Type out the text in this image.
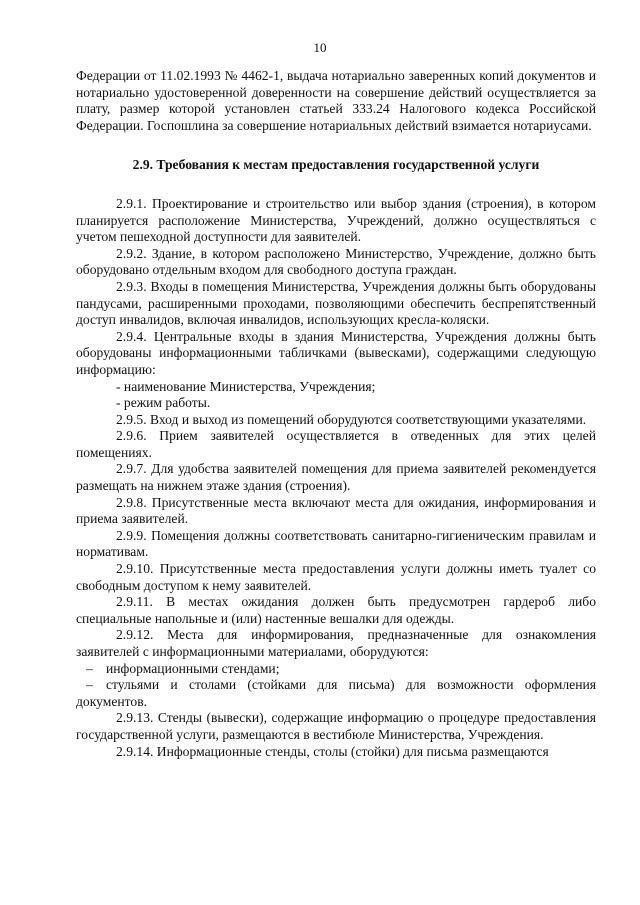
10

Федерации от 11.02.1993 № 4462-1, выдача нотариально заверенных копий документов и нотариально удостоверенной доверенности на совершение действий осуществляется за плату, размер которой установлен статьей 333.24 Налогового кодекса Российской Федерации. Госпошлина за совершение нотариальных действий взимается нотариусами.

2.9. Требования к местам предоставления государственной услуги

2.9.1. Проектирование и строительство или выбор здания (строения), в котором планируется расположение Министерства, Учреждений, должно осуществляться с учетом пешеходной доступности для заявителей.

2.9.2. Здание, в котором расположено Министерство, Учреждение, должно быть оборудовано отдельным входом для свободного доступа граждан.

2.9.3. Входы в помещения Министерства, Учреждения должны быть оборудованы пандусами, расширенными проходами, позволяющими обеспечить беспрепятственный доступ инвалидов, включая инвалидов, использующих кресла-коляски.

2.9.4. Центральные входы в здания Министерства, Учреждения должны быть оборудованы информационными табличками (вывесками), содержащими следующую информацию:

- наименование Министерства, Учреждения;

- режим работы.

2.9.5. Вход и выход из помещений оборудуются соответствующими указателями.

2.9.6. Прием заявителей осуществляется в отведенных для этих целей помещениях.

2.9.7. Для удобства заявителей помещения для приема заявителей рекомендуется размещать на нижнем этаже здания (строения).

2.9.8. Присутственные места включают места для ожидания, информирования и приема заявителей.

2.9.9. Помещения должны соответствовать санитарно-гигиеническим правилам и нормативам.

2.9.10. Присутственные места предоставления услуги должны иметь туалет со свободным доступом к нему заявителей.

2.9.11. В местах ожидания должен быть предусмотрен гардероб либо специальные напольные и (или) настенные вешалки для одежды.

2.9.12. Места для информирования, предназначенные для ознакомления заявителей с информационными материалами, оборудуются:

– информационными стендами;

– стульями и столами (стойками для письма) для возможности оформления документов.

2.9.13. Стенды (вывески), содержащие информацию о процедуре предоставления государственной услуги, размещаются в вестибюле Министерства, Учреждения.

2.9.14. Информационные стенды, столы (стойки) для письма размещаются
